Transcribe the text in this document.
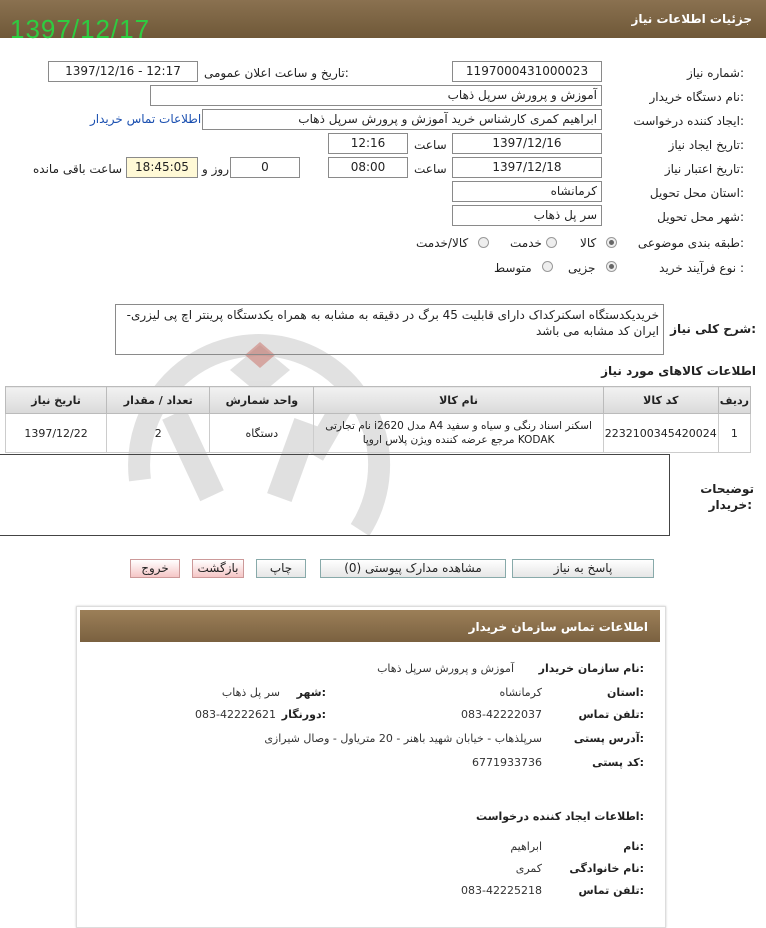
جزئیات اطلاعات نیاز
1397/12/17
شماره نیاز:
1197000431000023
تاریخ و ساعت اعلان عمومی:
1397/12/16 - 12:17
نام دستگاه خریدار:
آموزش و پرورش سرپل ذهاب
ایجاد کننده درخواست:
ابراهیم کمری کارشناس خرید آموزش و پرورش سرپل ذهاب
اطلاعات تماس خریدار
تاریخ ایجاد نیاز:
1397/12/16
ساعت
12:16
تاریخ اعتبار نیاز:
1397/12/18
ساعت
08:00
0
روز و
18:45:05
ساعت باقی مانده
استان محل تحویل:
کرمانشاه
شهر محل تحویل:
سر پل ذهاب
طبقه بندی موضوعی:
کالا
خدمت
کالا/خدمت
نوع فرآیند خرید :
جزیی
متوسط
شرح کلی نیاز:
خریدیکدستگاه اسکنرکداک دارای قابلیت 45 برگ در دقیقه به مشابه به همراه یکدستگاه پرینتر اچ پی لیزری- ایران کد مشابه می باشد
اطلاعات کالاهای مورد نیاز
ردیف	کد کالا	نام کالا	واحد شمارش	تعداد / مقدار	تاریخ نیاز
1	2232100345420024	اسکنر اسناد رنگی و سیاه و سفید A4 مدل i2620 نام تجارتی
KODAK مرجع عرضه کننده ویژن پلاس اروپا	دستگاه	2	1397/12/22
توضیحات
خریدار:
پاسخ به نیاز
مشاهده مدارک پیوستی (0)
چاپ
بازگشت
خروج
اطلاعات تماس سازمان خریدار
نام سازمان خریدار:
آموزش و پرورش سرپل ذهاب
استان:
کرمانشاه
شهر:
سر پل ذهاب
تلفن تماس:
083-42222037
دورنگار:
083-42222621
آدرس پستی:
سرپلذهاب - خیابان شهید باهنر - 20 متریاول - وصال شیرازی
کد پستی:
6771933736
اطلاعات ایجاد کننده درخواست:
نام:
ابراهیم
نام خانوادگی:
کمری
تلفن تماس:
083-42225218
